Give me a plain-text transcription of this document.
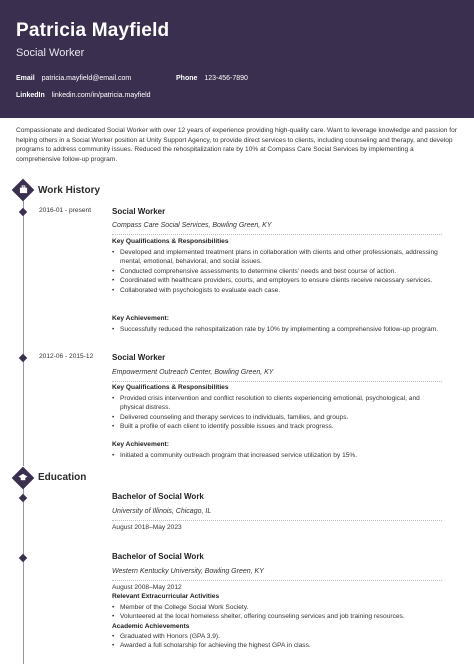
Patricia Mayfield
Social Worker
Email patricia.mayfield@email.com	Phone 123-456-7890
LinkedIn linkedin.com/in/patricia.mayfield
Compassionate and dedicated Social Worker with over 12 years of experience providing high-quality care. Want to leverage knowledge and passion for helping others in a Social Worker position at Unity Support Agency, to provide direct services to clients, including counseling and therapy, and develop programs to address community issues. Reduced the rehospitalization rate by 10% at Compass Care Social Services by implementing a comprehensive follow-up program.
Work History
2016-01 - present	Social Worker
Compass Care Social Services, Bowling Green, KY
Key Qualifications & Responsibilities
• Developed and implemented treatment plans in collaboration with clients and other professionals, addressing mental, emotional, behavioral, and social issues.
• Conducted comprehensive assessments to determine clients' needs and best course of action.
• Coordinated with healthcare providers, courts, and employers to ensure clients receive necessary services.
• Collaborated with psychologists to evaluate each case.
Key Achievement:
• Successfully reduced the rehospitalization rate by 10% by implementing a comprehensive follow-up program.
2012-06 - 2015-12 Social Worker
Empowerment Outreach Center, Bowling Green, KY
Key Qualifications & Responsibilities
• Provided crisis intervention and conflict resolution to clients experiencing emotional, psychological, and physical distress.
• Delivered counseling and therapy services to individuals, families, and groups.
• Built a profile of each client to identify possible issues and track progress.
Key Achievement:
• Initiated a community outreach program that increased service utilization by 15%.
Education
Bachelor of Social Work
University of Illinois, Chicago, IL
August 2018–May 2023
Bachelor of Social Work
Western Kentucky University, Bowling Green, KY
August 2008–May 2012
Relevant Extracurricular Activities
• Member of the College Social Work Society.
• Volunteered at the local homeless shelter, offering counseling services and job training resources.
Academic Achievements
• Graduated with Honors (GPA 3.9).
• Awarded a full scholarship for achieving the highest GPA in class.
